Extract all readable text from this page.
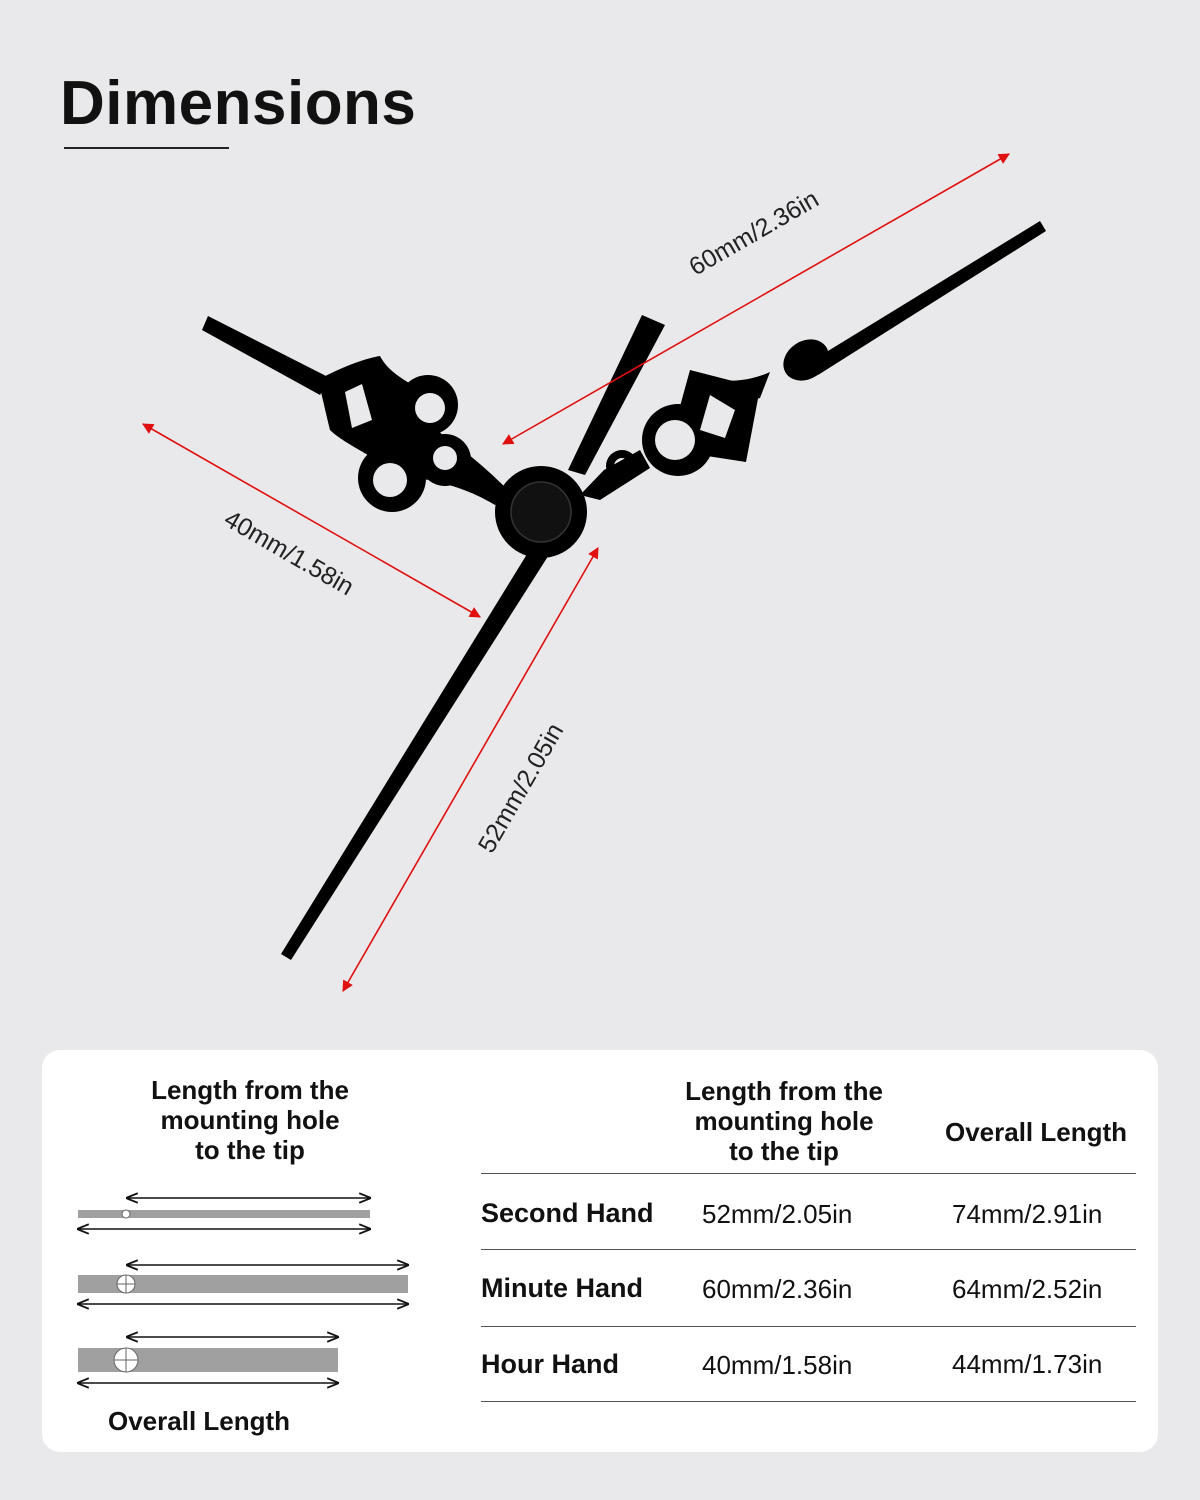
Dimensions
60mm/2.36in
40mm/1.58in
52mm/2.05in
Length from the
mounting hole
to the tip
Overall Length
Length from the
mounting hole
to the tip
Overall Length
Second Hand 52mm/2.05in	74mm/2.91in
Minute Hand 60mm/2.36in	64mm/2.52in
Hour Hand	40mm/1.58in	44mm/1.73in
